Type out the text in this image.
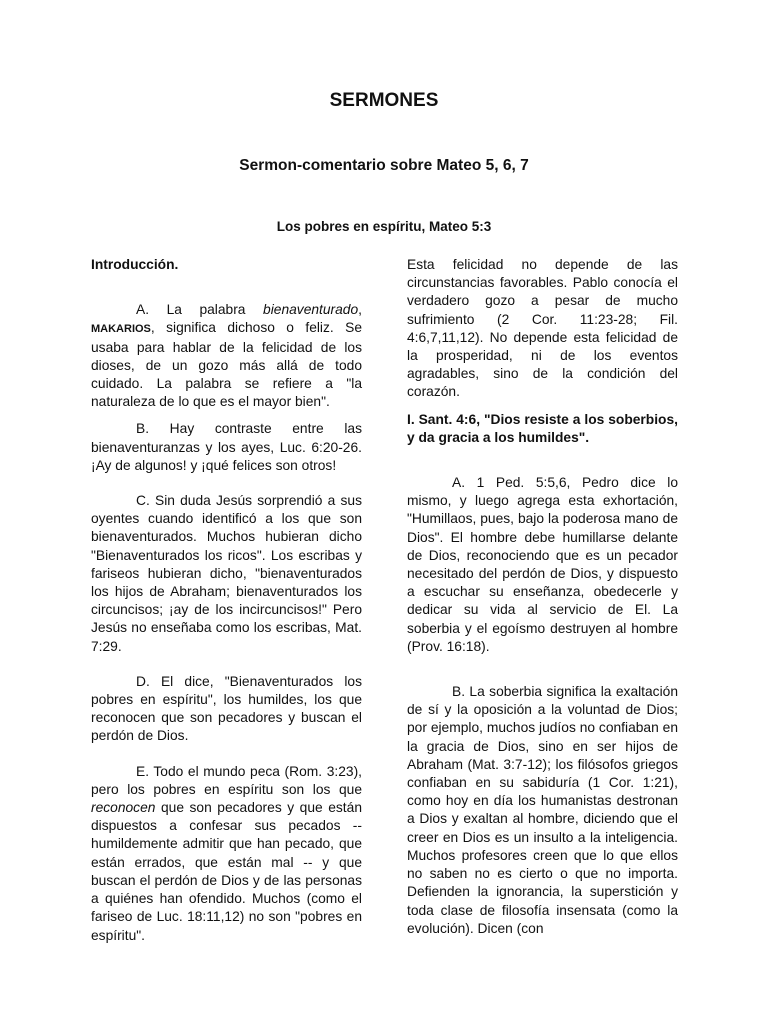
SERMONES
Sermon-comentario sobre Mateo 5, 6, 7
Los pobres en espíritu, Mateo 5:3

Introducción.

A. La palabra bienaventurado, MAKARIOS, significa dichoso o feliz. Se usaba para hablar de la felicidad de los dioses, de un gozo más allá de todo cuidado. La palabra se refiere a "la naturaleza de lo que es el mayor bien".

B. Hay contraste entre las bienaventuranzas y los ayes, Luc. 6:20-26. ¡Ay de algunos! y ¡qué felices son otros!

C. Sin duda Jesús sorprendió a sus oyentes cuando identificó a los que son bienaventurados. Muchos hubieran dicho "Bienaventurados los ricos". Los escribas y fariseos hubieran dicho, "bienaventurados los hijos de Abraham; bienaventurados los circuncisos; ¡ay de los incircuncisos!" Pero Jesús no enseñaba como los escribas, Mat. 7:29.

D. El dice, "Bienaventurados los pobres en espíritu", los humildes, los que reconocen que son pecadores y buscan el perdón de Dios.

E. Todo el mundo peca (Rom. 3:23), pero los pobres en espíritu son los que reconocen que son pecadores y que están dispuestos a confesar sus pecados -- humildemente admitir que han pecado, que están errados, que están mal -- y que buscan el perdón de Dios y de las personas a quiénes han ofendido. Muchos (como el fariseo de Luc. 18:11,12) no son "pobres en espíritu".

Esta felicidad no depende de las circunstancias favorables. Pablo conocía el verdadero gozo a pesar de mucho sufrimiento (2 Cor. 11:23-28; Fil. 4:6,7,11,12). No depende esta felicidad de la prosperidad, ni de los eventos agradables, sino de la condición del corazón.

I. Sant. 4:6, "Dios resiste a los soberbios, y da gracia a los humildes".

A. 1 Ped. 5:5,6, Pedro dice lo mismo, y luego agrega esta exhortación, "Humillaos, pues, bajo la poderosa mano de Dios". El hombre debe humillarse delante de Dios, reconociendo que es un pecador necesitado del perdón de Dios, y dispuesto a escuchar su enseñanza, obedecerle y dedicar su vida al servicio de El. La soberbia y el egoísmo destruyen al hombre (Prov. 16:18).

B. La soberbia significa la exaltación de sí y la oposición a la voluntad de Dios; por ejemplo, muchos judíos no confiaban en la gracia de Dios, sino en ser hijos de Abraham (Mat. 3:7-12); los filósofos griegos confiaban en su sabiduría (1 Cor. 1:21), como hoy en día los humanistas destronan a Dios y exaltan al hombre, diciendo que el creer en Dios es un insulto a la inteligencia. Muchos profesores creen que lo que ellos no saben no es cierto o que no importa. Defienden la ignorancia, la superstición y toda clase de filosofía insensata (como la evolución). Dicen (con
